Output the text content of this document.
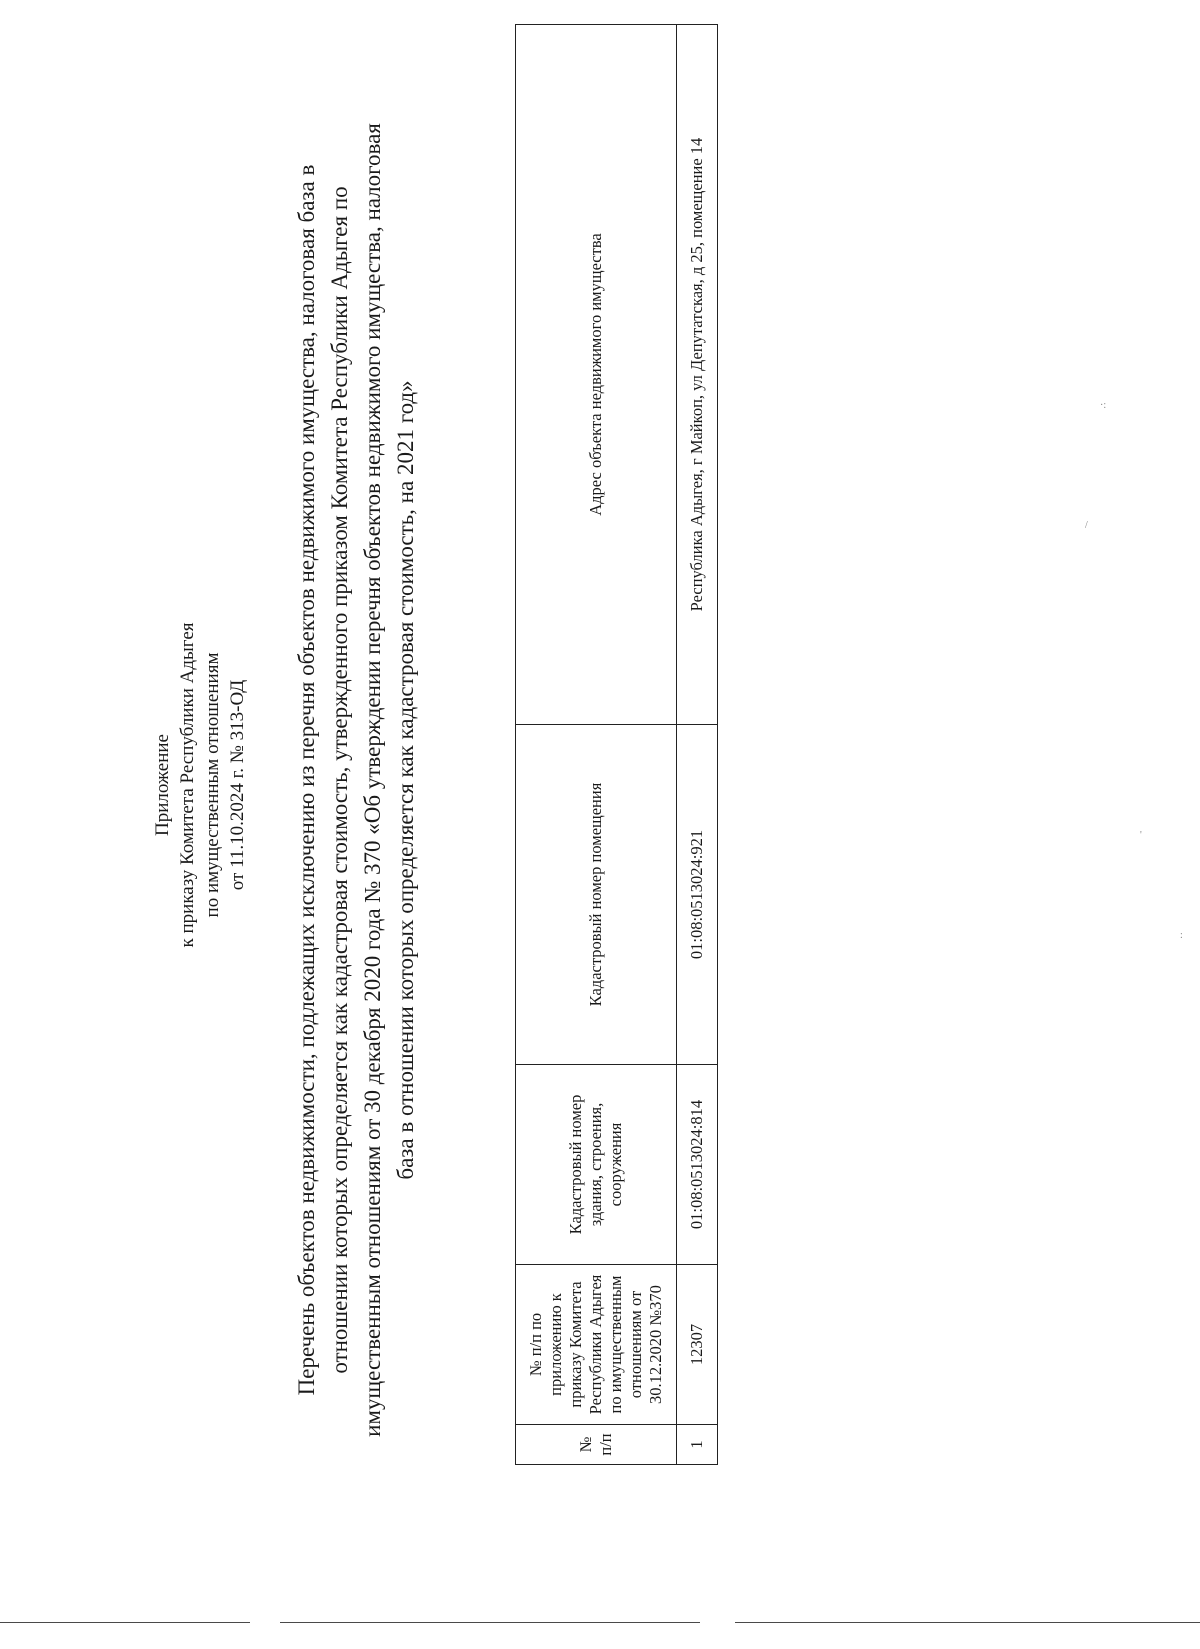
Приложение к приказу Комитета Республики Адыгея по имущественным отношениям от 11.10.2024 г. № 313-ОД Перечень объектов недвижимости, подлежащих исключению из перечня объектов недвижимого имущества, налоговая база в отношении которых определяется как кадастровая стоимость, утвержденного приказом Комитета Республики Адыгея по имущественным отношениям от 30 декабря 2020 года № 370 «Об утверждении перечня объектов недвижимого имущества, налоговая база в отношении которых определяется как кадастровая стоимость, на 2021 год»
№ п/п	№ п/п по приложению к приказу Комитета Республики Адыгея по имущественным отношениям от 30.12.2020 №370	Кадастровый номер здания, строения, сооружения	Кадастровый номер помещения	Адрес объекта недвижимого имущества
1	12307	01:08:0513024:814	01:08:0513024:921	Республика Адыгея, г Майкоп, ул Депутатская, д 25, помещение 14	·:
/
'
:
